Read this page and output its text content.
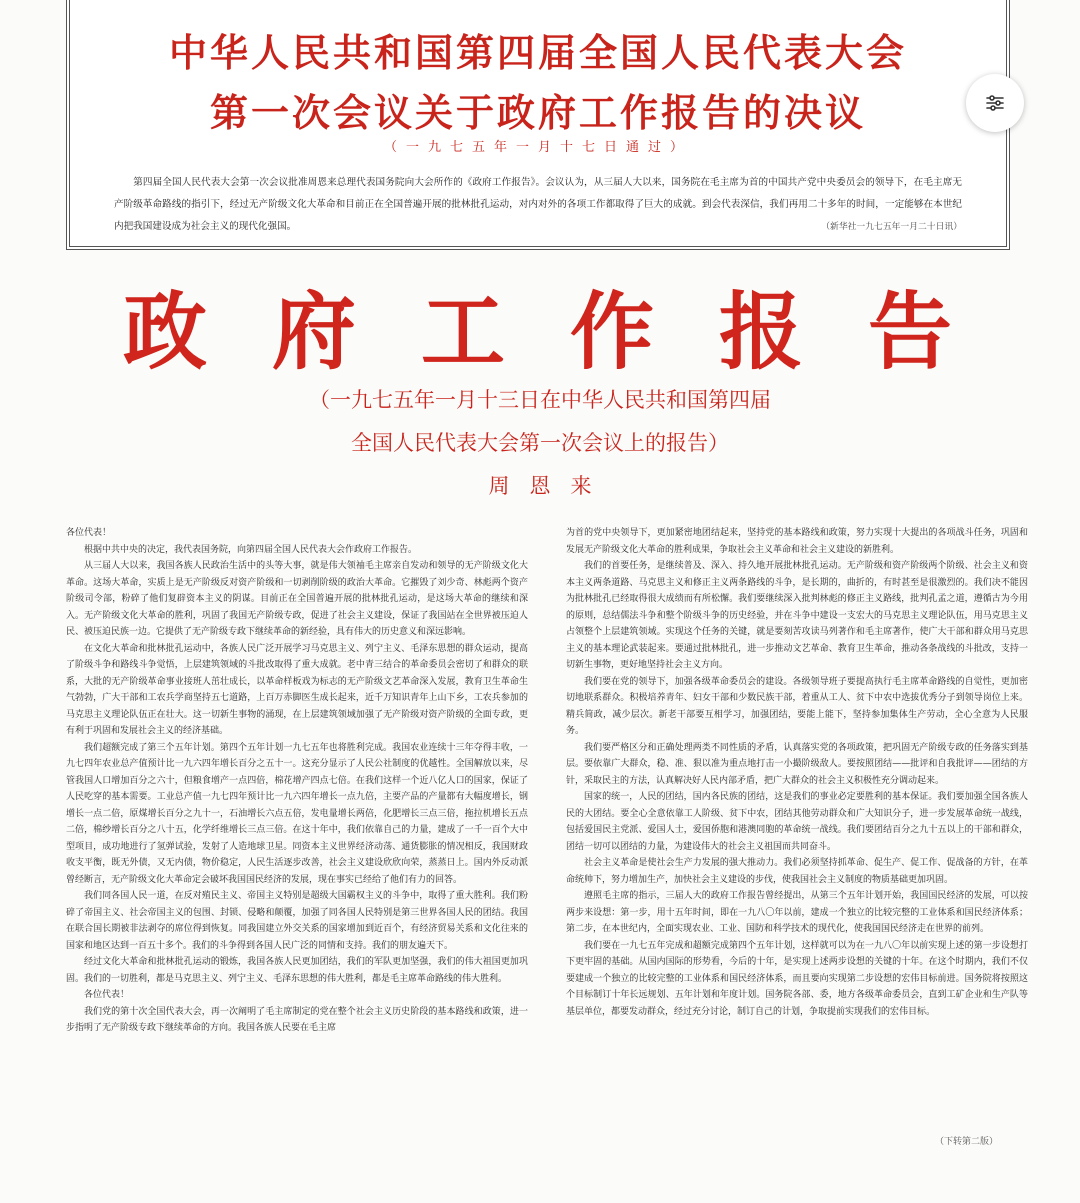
中华人民共和国第四届全国人民代表大会
第一次会议关于政府工作报告的决议
（一九七五年一月十七日通过）
第四届全国人民代表大会第一次会议批准周恩来总理代表国务院向大会所作的《政府工作报告》。会议认为，从三届人大以来，国务院在毛主席为首的中国共产党中央委员会的领导下，在毛主席无产阶级革命路线的指引下，经过无产阶级文化大革命和目前正在全国普遍开展的批林批孔运动，对内对外的各项工作都取得了巨大的成就。到会代表深信，我们再用二十多年的时间，一定能够在本世纪内把我国建设成为社会主义的现代化强国。	（新华社一九七五年一月二十日讯）
政府工作报告
（一九七五年一月十三日在中华人民共和国第四届
全国人民代表大会第一次会议上的报告）
周恩来

各位代表！

根据中共中央的决定，我代表国务院，向第四届全国人民代表大会作政府工作报告。

从三届人大以来，我国各族人民政治生活中的头等大事，就是伟大领袖毛主席亲自发动和领导的无产阶级文化大革命。这场大革命，实质上是无产阶级反对资产阶级和一切剥削阶级的政治大革命。它摧毁了刘少奇、林彪两个资产阶级司令部，粉碎了他们复辟资本主义的阴谋。目前正在全国普遍开展的批林批孔运动，是这场大革命的继续和深入。无产阶级文化大革命的胜利，巩固了我国无产阶级专政，促进了社会主义建设，保证了我国站在全世界被压迫人民、被压迫民族一边。它提供了无产阶级专政下继续革命的新经验，具有伟大的历史意义和深远影响。

在文化大革命和批林批孔运动中，各族人民广泛开展学习马克思主义、列宁主义、毛泽东思想的群众运动，提高了阶级斗争和路线斗争觉悟，上层建筑领域的斗批改取得了重大成就。老中青三结合的革命委员会密切了和群众的联系，大批的无产阶级革命事业接班人茁壮成长，以革命样板戏为标志的无产阶级文艺革命深入发展，教育卫生革命生气勃勃，广大干部和工农兵学商坚持五七道路，上百万赤脚医生成长起来，近千万知识青年上山下乡，工农兵参加的马克思主义理论队伍正在壮大。这一切新生事物的涌现，在上层建筑领域加强了无产阶级对资产阶级的全面专政，更有利于巩固和发展社会主义的经济基础。

我们超额完成了第三个五年计划。第四个五年计划一九七五年也将胜利完成。我国农业连续十三年夺得丰收，一九七四年农业总产值预计比一九六四年增长百分之五十一。这充分显示了人民公社制度的优越性。全国解放以来，尽管我国人口增加百分之六十，但粮食增产一点四倍，棉花增产四点七倍。在我们这样一个近八亿人口的国家，保证了人民吃穿的基本需要。工业总产值一九七四年预计比一九六四年增长一点九倍，主要产品的产量都有大幅度增长，钢增长一点二倍，原煤增长百分之九十一，石油增长六点五倍，发电量增长两倍，化肥增长三点三倍，拖拉机增长五点二倍，棉纱增长百分之八十五，化学纤维增长三点三倍。在这十年中，我们依靠自己的力量，建成了一千一百个大中型项目，成功地进行了氢弹试验，发射了人造地球卫星。同资本主义世界经济动荡、通货膨胀的情况相反，我国财政收支平衡，既无外债，又无内债，物价稳定，人民生活逐步改善，社会主义建设欣欣向荣，蒸蒸日上。国内外反动派曾经断言，无产阶级文化大革命定会破坏我国国民经济的发展，现在事实已经给了他们有力的回答。

我们同各国人民一道，在反对殖民主义、帝国主义特别是超级大国霸权主义的斗争中，取得了重大胜利。我们粉碎了帝国主义、社会帝国主义的包围、封锁、侵略和颠覆，加强了同各国人民特别是第三世界各国人民的团结。我国在联合国长期被非法剥夺的席位得到恢复。同我国建立外交关系的国家增加到近百个，有经济贸易关系和文化往来的国家和地区达到一百五十多个。我们的斗争得到各国人民广泛的同情和支持。我们的朋友遍天下。

经过文化大革命和批林批孔运动的锻炼，我国各族人民更加团结，我们的军队更加坚强，我们的伟大祖国更加巩固。我们的一切胜利，都是马克思主义、列宁主义、毛泽东思想的伟大胜利，都是毛主席革命路线的伟大胜利。

各位代表！

我们党的第十次全国代表大会，再一次阐明了毛主席制定的党在整个社会主义历史阶段的基本路线和政策，进一步指明了无产阶级专政下继续革命的方向。我国各族人民要在毛主席

为首的党中央领导下，更加紧密地团结起来，坚持党的基本路线和政策，努力实现十大提出的各项战斗任务，巩固和发展无产阶级文化大革命的胜利成果，争取社会主义革命和社会主义建设的新胜利。

我们的首要任务，是继续普及、深入、持久地开展批林批孔运动。无产阶级和资产阶级两个阶级、社会主义和资本主义两条道路、马克思主义和修正主义两条路线的斗争，是长期的，曲折的，有时甚至是很激烈的。我们决不能因为批林批孔已经取得很大成绩而有所松懈。我们要继续深入批判林彪的修正主义路线，批判孔孟之道，遵循古为今用的原则，总结儒法斗争和整个阶级斗争的历史经验，并在斗争中建设一支宏大的马克思主义理论队伍，用马克思主义占领整个上层建筑领域。实现这个任务的关键，就是要刻苦攻读马列著作和毛主席著作，使广大干部和群众用马克思主义的基本理论武装起来。要通过批林批孔，进一步推动文艺革命、教育卫生革命，推动各条战线的斗批改，支持一切新生事物，更好地坚持社会主义方向。

我们要在党的领导下，加强各级革命委员会的建设。各级领导班子要提高执行毛主席革命路线的自觉性，更加密切地联系群众。积极培养青年、妇女干部和少数民族干部，着重从工人、贫下中农中选拔优秀分子到领导岗位上来。精兵简政，减少层次。新老干部要互相学习，加强团结，要能上能下，坚持参加集体生产劳动，全心全意为人民服务。

我们要严格区分和正确处理两类不同性质的矛盾，认真落实党的各项政策，把巩固无产阶级专政的任务落实到基层。要依靠广大群众，稳、准、狠以准为重点地打击一小撮阶级敌人。要按照团结——批评和自我批评——团结的方针，采取民主的方法，认真解决好人民内部矛盾，把广大群众的社会主义积极性充分调动起来。

国家的统一，人民的团结，国内各民族的团结，这是我们的事业必定要胜利的基本保证。我们要加强全国各族人民的大团结。要全心全意依靠工人阶级、贫下中农，团结其他劳动群众和广大知识分子，进一步发展革命统一战线，包括爱国民主党派、爱国人士，爱国侨胞和港澳同胞的革命统一战线。我们要团结百分之九十五以上的干部和群众，团结一切可以团结的力量，为建设伟大的社会主义祖国而共同奋斗。

社会主义革命是使社会生产力发展的强大推动力。我们必须坚持抓革命、促生产、促工作、促战备的方针，在革命统帅下，努力增加生产，加快社会主义建设的步伐，使我国社会主义制度的物质基础更加巩固。

遵照毛主席的指示，三届人大的政府工作报告曾经提出，从第三个五年计划开始，我国国民经济的发展，可以按两步来设想：第一步，用十五年时间，即在一九八〇年以前，建成一个独立的比较完整的工业体系和国民经济体系；第二步，在本世纪内，全面实现农业、工业、国防和科学技术的现代化，使我国国民经济走在世界的前列。

我们要在一九七五年完成和超额完成第四个五年计划，这样就可以为在一九八〇年以前实现上述的第一步设想打下更牢固的基础。从国内国际的形势看，今后的十年，是实现上述两步设想的关键的十年。在这个时期内，我们不仅要建成一个独立的比较完整的工业体系和国民经济体系，而且要向实现第二步设想的宏伟目标前进。国务院将按照这个目标制订十年长远规划、五年计划和年度计划。国务院各部、委，地方各级革命委员会，直到工矿企业和生产队等基层单位，都要发动群众，经过充分讨论，制订自己的计划，争取提前实现我们的宏伟目标。

（下转第二版）
